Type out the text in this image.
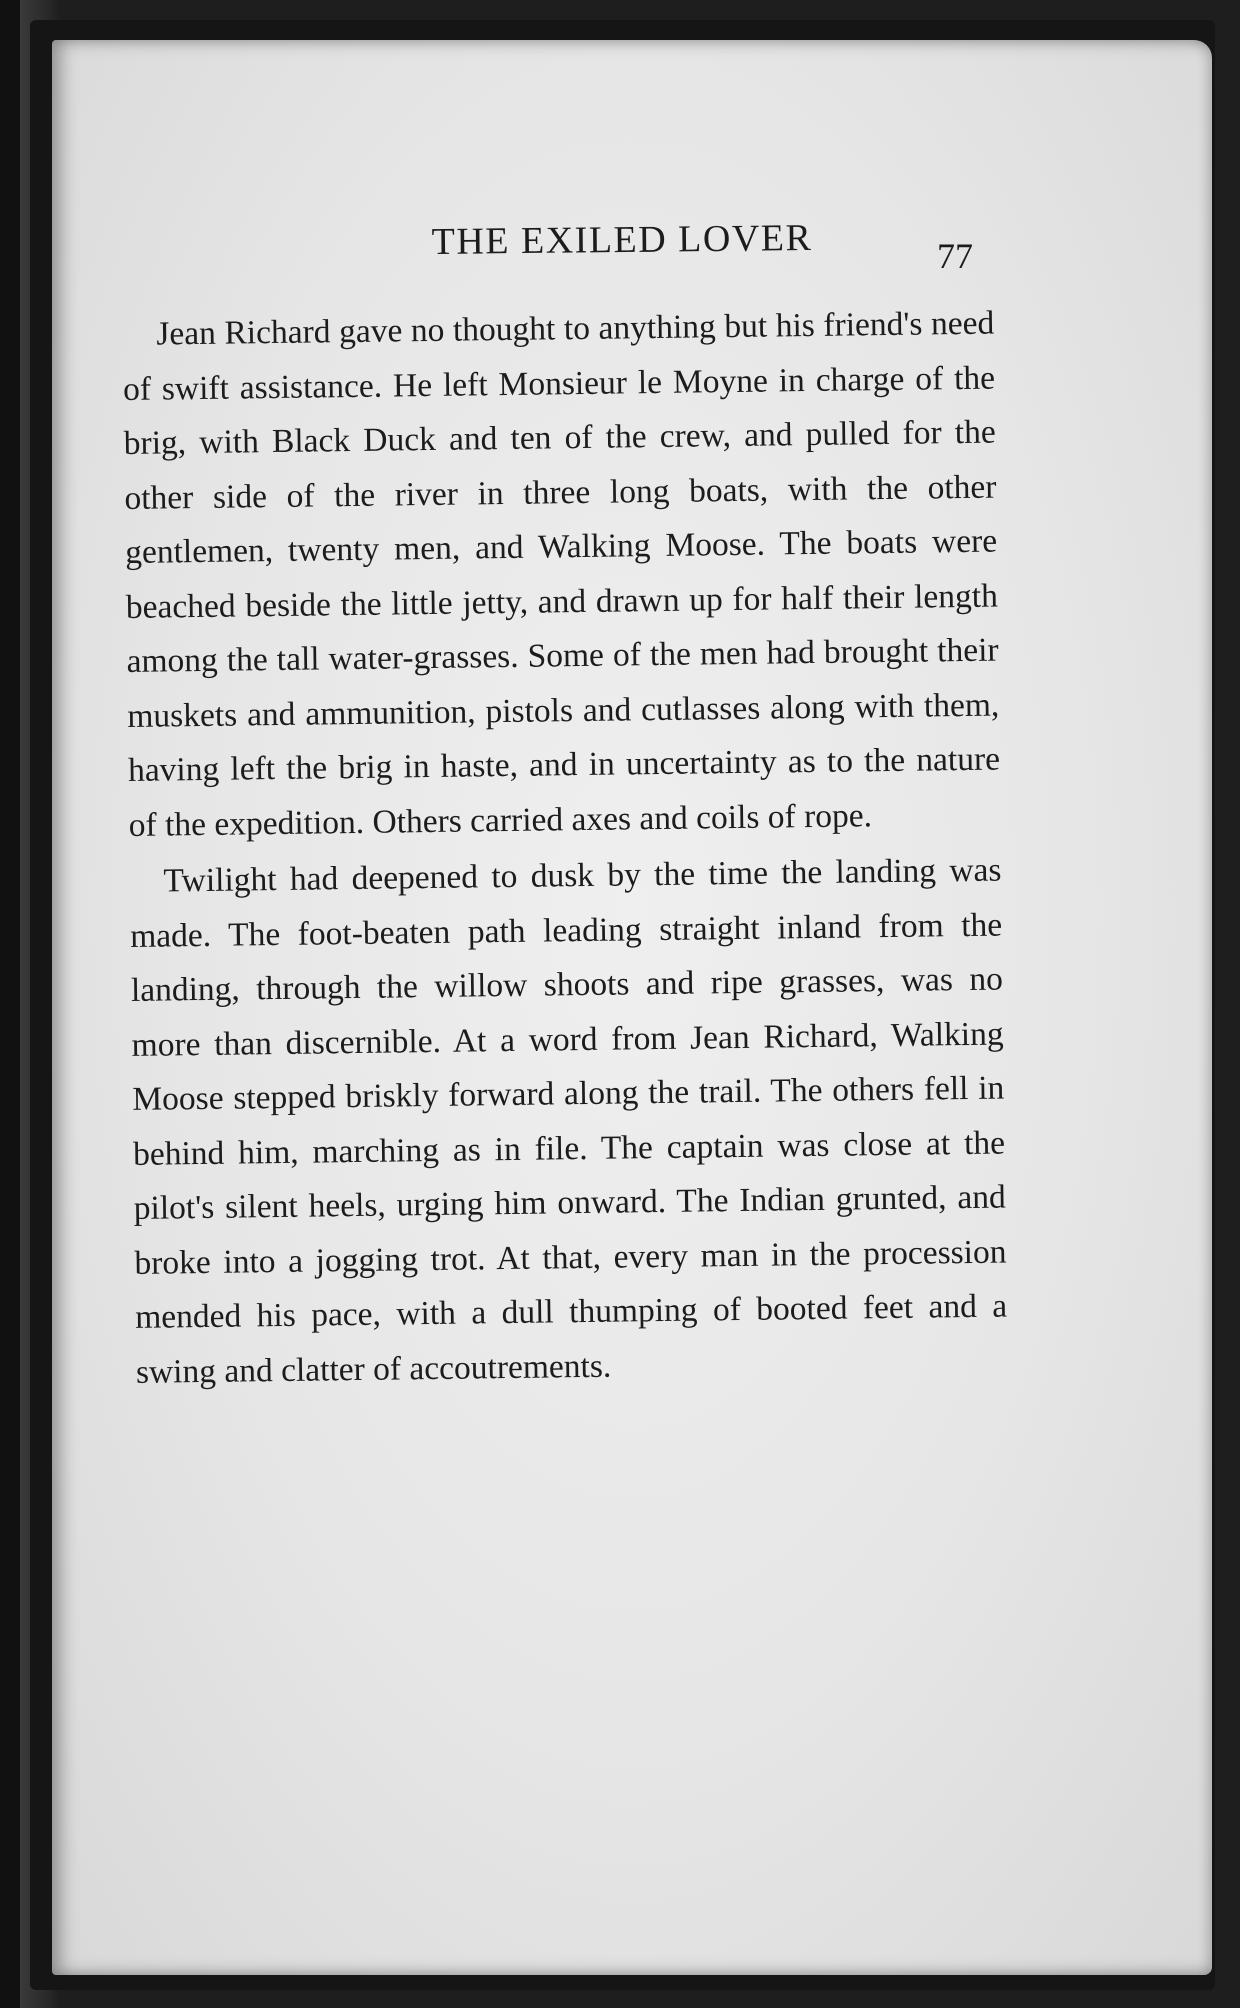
THE EXILED LOVER	77

Jean Richard gave no thought to anything but his friend's need of swift assistance. He left Monsieur le Moyne in charge of the brig, with Black Duck and ten of the crew, and pulled for the other side of the river in three long boats, with the other gentlemen, twenty men, and Walking Moose. The boats were beached beside the little jetty, and drawn up for half their length among the tall water-grasses. Some of the men had brought their muskets and ammunition, pistols and cutlasses along with them, having left the brig in haste, and in uncertainty as to the nature of the expedition. Others carried axes and coils of rope.

Twilight had deepened to dusk by the time the landing was made. The foot-beaten path leading straight inland from the landing, through the willow shoots and ripe grasses, was no more than discernible. At a word from Jean Richard, Walking Moose stepped briskly forward along the trail. The others fell in behind him, marching as in file. The captain was close at the pilot's silent heels, urging him onward. The Indian grunted, and broke into a jogging trot. At that, every man in the procession mended his pace, with a dull thumping of booted feet and a swing and clatter of accoutrements.
